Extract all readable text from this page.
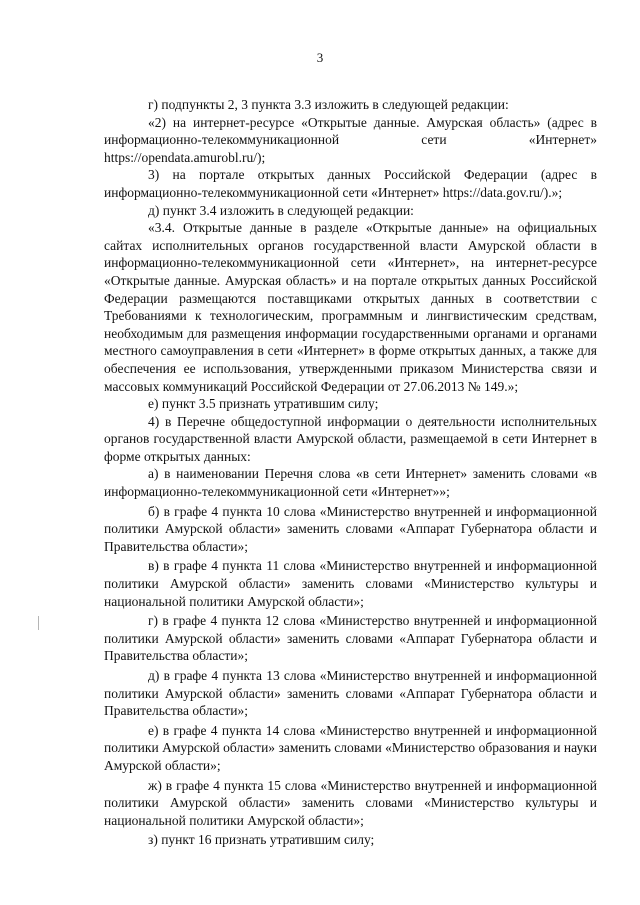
3

г) подпункты 2, 3 пункта 3.3 изложить в следующей редакции:

«2) на интернет-ресурсе «Открытые данные. Амурская область» (адрес в информационно-телекоммуникационной сети «Интернет» https://opendata.amurobl.ru/);

3) на портале открытых данных Российской Федерации (адрес в информационно-телекоммуникационной сети «Интернет» https://data.gov.ru/).»;

д) пункт 3.4 изложить в следующей редакции:

«3.4. Открытые данные в разделе «Открытые данные» на официальных сайтах исполнительных органов государственной власти Амурской области в информационно-телекоммуникационной сети «Интернет», на интернет-ресурсе «Открытые данные. Амурская область» и на портале открытых данных Российской Федерации размещаются поставщиками открытых данных в соответствии с Требованиями к технологическим, программным и лингвистическим средствам, необходимым для размещения информации государственными органами и органами местного самоуправления в сети «Интернет» в форме открытых данных, а также для обеспечения ее использования, утвержденными приказом Министерства связи и массовых коммуникаций Российской Федерации от 27.06.2013 № 149.»;

е) пункт 3.5 признать утратившим силу;

4) в Перечне общедоступной информации о деятельности исполнительных органов государственной власти Амурской области, размещаемой в сети Интернет в форме открытых данных:

а) в наименовании Перечня слова «в сети Интернет» заменить словами «в информационно-телекоммуникационной сети «Интернет»»;

б) в графе 4 пункта 10 слова «Министерство внутренней и информационной политики Амурской области» заменить словами «Аппарат Губернатора области и Правительства области»;

в) в графе 4 пункта 11 слова «Министерство внутренней и информационной политики Амурской области» заменить словами «Министерство культуры и национальной политики Амурской области»;

г) в графе 4 пункта 12 слова «Министерство внутренней и информационной политики Амурской области» заменить словами «Аппарат Губернатора области и Правительства области»;

д) в графе 4 пункта 13 слова «Министерство внутренней и информационной политики Амурской области» заменить словами «Аппарат Губернатора области и Правительства области»;

е) в графе 4 пункта 14 слова «Министерство внутренней и информационной политики Амурской области» заменить словами «Министерство образования и науки Амурской области»;

ж) в графе 4 пункта 15 слова «Министерство внутренней и информационной политики Амурской области» заменить словами «Министерство культуры и национальной политики Амурской области»;

з) пункт 16 признать утратившим силу;
